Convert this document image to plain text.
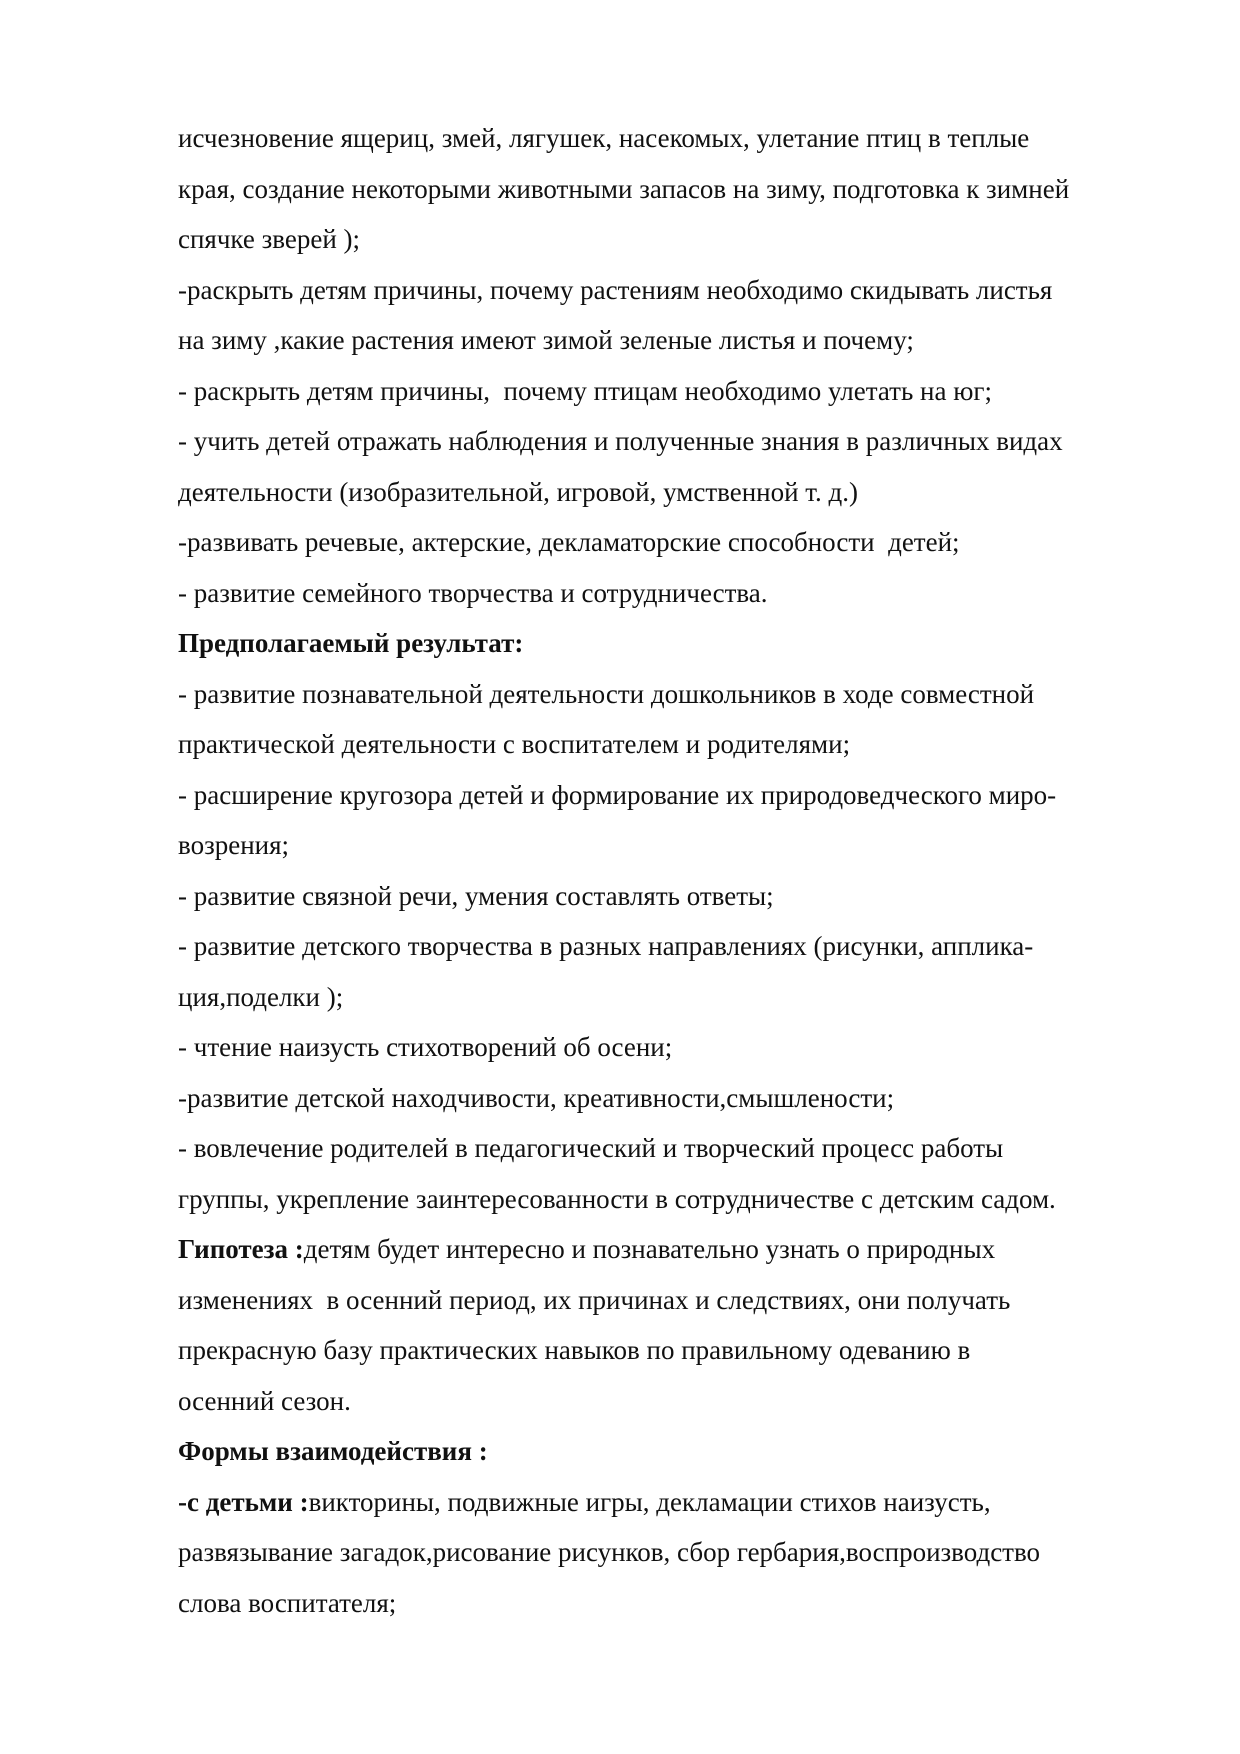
исчезновение ящериц, змей, лягушек, насекомых, улетание птиц в теплые
края, создание некоторыми животными запасов на зиму, подготовка к зимней
спячке зверей );
-раскрыть детям причины, почему растениям необходимо скидывать листья
на зиму ,какие растения имеют зимой зеленые листья и почему;
- раскрыть детям причины,  почему птицам необходимо улетать на юг;
- учить детей отражать наблюдения и полученные знания в различных видах
деятельности (изобразительной, игровой, умственной т. д.)
-развивать речевые, актерские, декламаторские способности  детей;
- развитие семейного творчества и сотрудничества.
Предполагаемый результат:
- развитие познавательной деятельности дошкольников в ходе совместной
практической деятельности с воспитателем и родителями;
- расширение кругозора детей и формирование их природоведческого миро-
возрения;
- развитие связной речи, умения составлять ответы;
- развитие детского творчества в разных направлениях (рисунки, апплика-
ция,поделки );
- чтение наизусть стихотворений об осени;
-развитие детской находчивости, креативности,смышлености;
- вовлечение родителей в педагогический и творческий процесс работы
группы, укрепление заинтересованности в сотрудничестве с детским садом.
Гипотеза :детям будет интересно и познавательно узнать о природных
изменениях  в осенний период, их причинах и следствиях, они получать
прекрасную базу практических навыков по правильному одеванию в
осенний сезон.
Формы взаимодействия :
-с детьми :викторины, подвижные игры, декламации стихов наизусть,
развязывание загадок,рисование рисунков, сбор гербария,воспроизводство
слова воспитателя;
